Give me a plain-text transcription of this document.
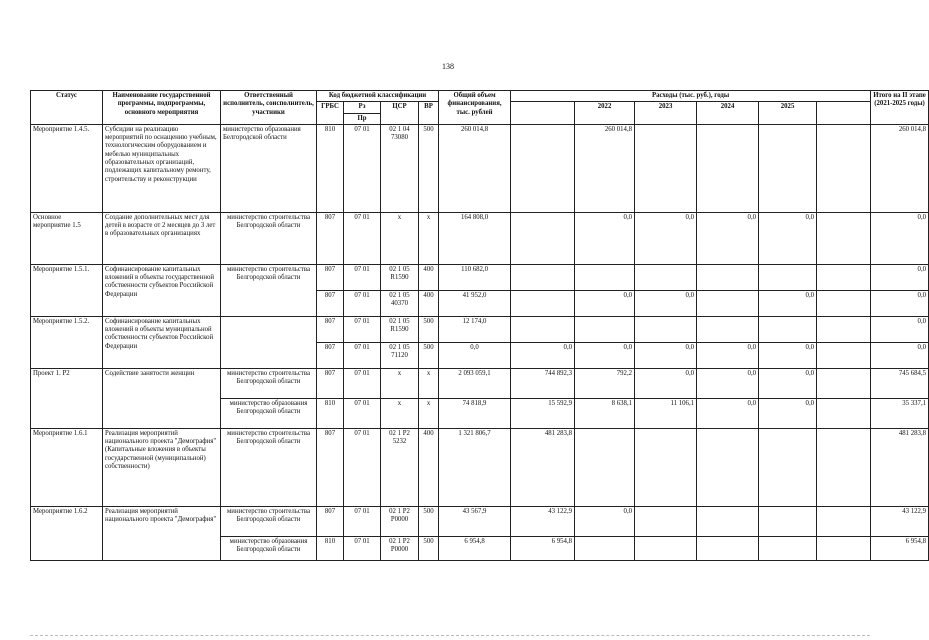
138
Статус	Наименование государственной программы, подпрограммы, основного мероприятия	Ответственный исполнитель, соисполнитель, участники	Код бюджетной классификации				Общий объем финансирования, тыс. рублей	Расходы (тыс. руб.), годы						Итого на II этапе (2021-2025 годы)
			ГРБС	Рз	ЦСР	ВР			2022	2023	2024	2025		
				Пр										
Мероприятие 1.4.5.	Субсидии на реализацию мероприятий по оснащению учебным, технологическим оборудованием и мебелью муниципальных образовательных организаций, подлежащих капитальному ремонту, строительству и реконструкции	министерство образования Белгородской области	810	07 01	02 1 04 73080	500	260 014,8		260 014,8					260 014,8
Основное мероприятие 1.5	Создание дополнительных мест для детей в возрасте от 2 месяцев до 3 лет в образовательных организациях	министерство строительства Белгородской области	807	07 01	х	х	164 808,0		0,0	0,0	0,0	0,0		0,0
Мероприятие 1.5.1.	Софинансирование капитальных вложений в объекты государственной собственности субъектов Российской Федерации	министерство строительства Белгородской области	807	07 01	02 1 05 R1590	400	110 682,0							0,0
			807	07 01	02 1 05 40370	400	41 952,0		0,0	0,0		0,0		0,0
Мероприятие 1.5.2.	Софинансирование капитальных вложений в объекты муниципальной собственности субъектов Российской Федерации		807	07 01	02 1 05 R1590	500	12 174,0							0,0
			807	07 01	02 1 05 71120	500	0,0	0,0	0,0	0,0	0,0	0,0		0,0
Проект 1. Р2	Содействие занятости женщин	министерство строительства Белгородской области	807	07 01	х	х	2 093 059,1	744 892,3	792,2	0,0	0,0	0,0		745 684,5
		министерство образования Белгородской области	810	07 01	х	х	74 818,9	15 592,9	8 638,1	11 106,1	0,0	0,0		35 337,1
Мероприятие 1.6.1	Реализация мероприятий национального проекта "Демография" (Капитальные вложения в объекты государственной (муниципальной) собственности)	министерство строительства Белгородской области	807	07 01	02 1 Р2 5232	400	1 321 806,7	481 283,8						481 283,8
Мероприятие 1.6.2	Реализация мероприятий национального проекта "Демография"	министерство строительства Белгородской области	807	07 01	02 1 Р2 Р0000	500	43 567,9	43 122,9	0,0					43 122,9
		министерство образования Белгородской области	810	07 01	02 1 Р2 Р0000	500	6 954,8	6 954,8						6 954,8
